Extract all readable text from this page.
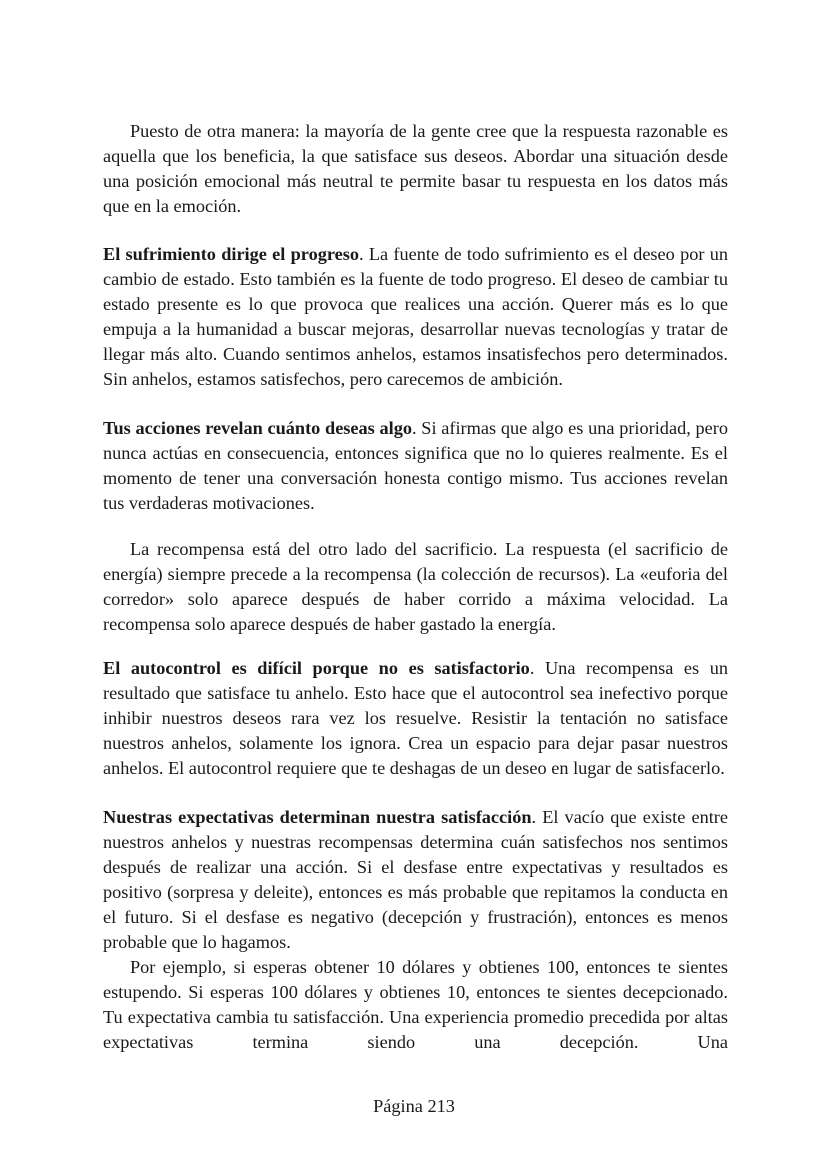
Puesto de otra manera: la mayoría de la gente cree que la respuesta razonable es aquella que los beneficia, la que satisface sus deseos. Abordar una situación desde una posición emocional más neutral te permite basar tu respuesta en los datos más que en la emoción.

El sufrimiento dirige el progreso. La fuente de todo sufrimiento es el deseo por un cambio de estado. Esto también es la fuente de todo progreso. El deseo de cambiar tu estado presente es lo que provoca que realices una acción. Querer más es lo que empuja a la humanidad a buscar mejoras, desarrollar nuevas tecnologías y tratar de llegar más alto. Cuando sentimos anhelos, estamos insatisfechos pero determinados. Sin anhelos, estamos satisfechos, pero carecemos de ambición.

Tus acciones revelan cuánto deseas algo. Si afirmas que algo es una prioridad, pero nunca actúas en consecuencia, entonces significa que no lo quieres realmente. Es el momento de tener una conversación honesta contigo mismo. Tus acciones revelan tus verdaderas motivaciones.

La recompensa está del otro lado del sacrificio. La respuesta (el sacrificio de energía) siempre precede a la recompensa (la colección de recursos). La «euforia del corredor» solo aparece después de haber corrido a máxima velocidad. La recompensa solo aparece después de haber gastado la energía.

El autocontrol es difícil porque no es satisfactorio. Una recompensa es un resultado que satisface tu anhelo. Esto hace que el autocontrol sea inefectivo porque inhibir nuestros deseos rara vez los resuelve. Resistir la tentación no satisface nuestros anhelos, solamente los ignora. Crea un espacio para dejar pasar nuestros anhelos. El autocontrol requiere que te deshagas de un deseo en lugar de satisfacerlo.

Nuestras expectativas determinan nuestra satisfacción. El vacío que existe entre nuestros anhelos y nuestras recompensas determina cuán satisfechos nos sentimos después de realizar una acción. Si el desfase entre expectativas y resultados es positivo (sorpresa y deleite), entonces es más probable que repitamos la conducta en el futuro. Si el desfase es negativo (decepción y frustración), entonces es menos probable que lo hagamos.

Por ejemplo, si esperas obtener 10 dólares y obtienes 100, entonces te sientes estupendo. Si esperas 100 dólares y obtienes 10, entonces te sientes decepcionado. Tu expectativa cambia tu satisfacción. Una experiencia promedio precedida por altas expectativas termina siendo una decepción. Una

Página 213
